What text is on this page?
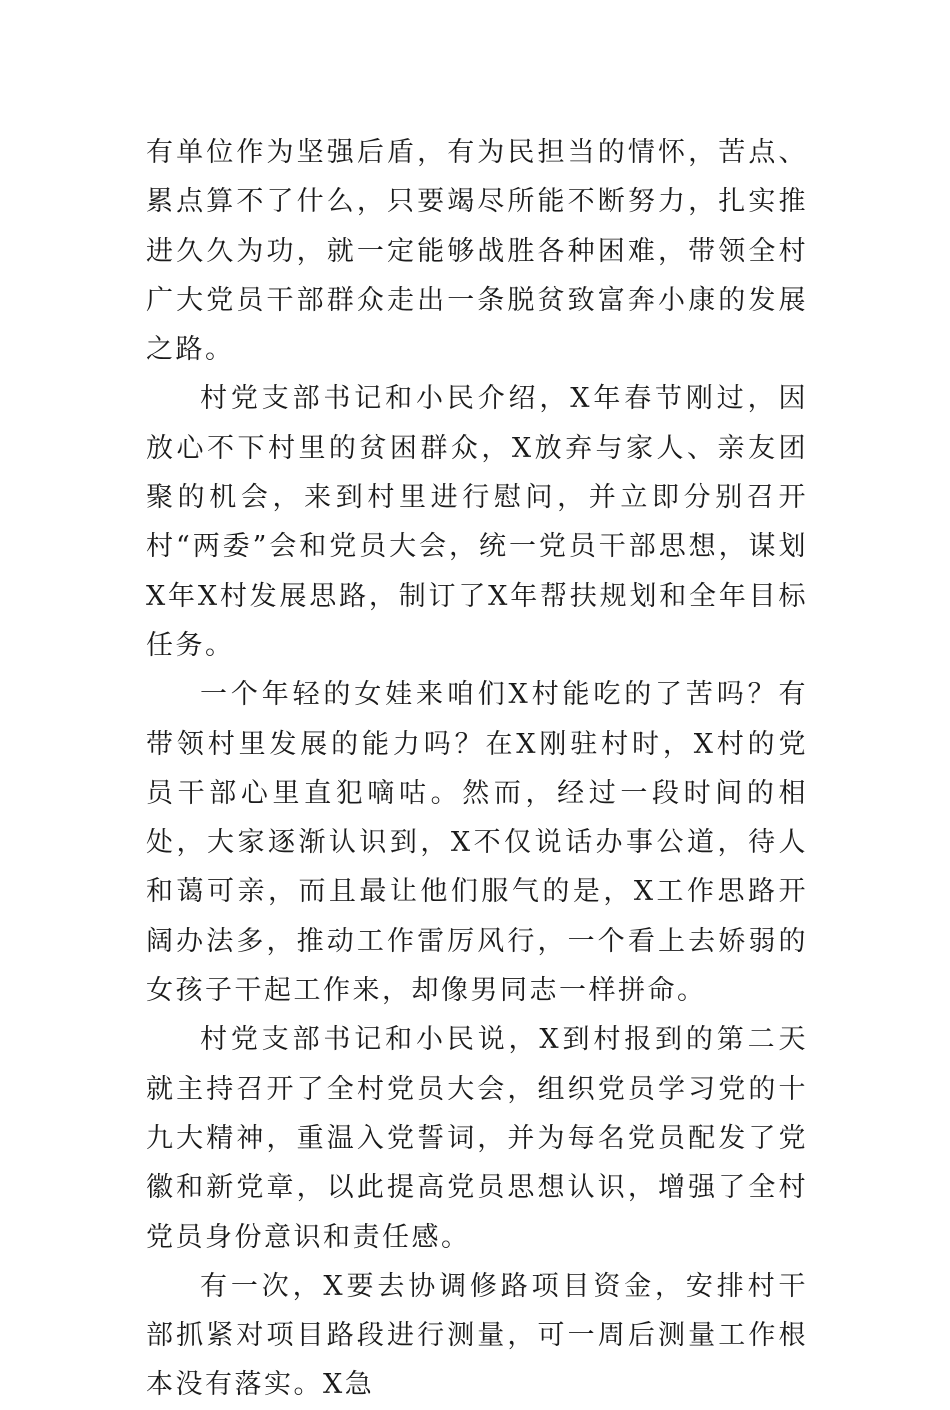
有单位作为坚强后盾，有为民担当的情怀，苦点、累点算不了什么，只要竭尽所能不断努力，扎实推进久久为功，就一定能够战胜各种困难，带领全村广大党员干部群众走出一条脱贫致富奔小康的发展之路。

村党支部书记和小民介绍，X年春节刚过，因放心不下村里的贫困群众，X放弃与家人、亲友团聚的机会，来到村里进行慰问，并立即分别召开村“两委”会和党员大会，统一党员干部思想，谋划X年X村发展思路，制订了X年帮扶规划和全年目标任务。

一个年轻的女娃来咱们X村能吃的了苦吗？有带领村里发展的能力吗？在X刚驻村时，X村的党员干部心里直犯嘀咕。然而，经过一段时间的相处，大家逐渐认识到，X不仅说话办事公道，待人和蔼可亲，而且最让他们服气的是，X工作思路开阔办法多，推动工作雷厉风行，一个看上去娇弱的女孩子干起工作来，却像男同志一样拼命。

村党支部书记和小民说，X到村报到的第二天就主持召开了全村党员大会，组织党员学习党的十九大精神，重温入党誓词，并为每名党员配发了党徽和新党章，以此提高党员思想认识，增强了全村党员身份意识和责任感。

有一次，X要去协调修路项目资金，安排村干部抓紧对项目路段进行测量，可一周后测量工作根本没有落实。X急
